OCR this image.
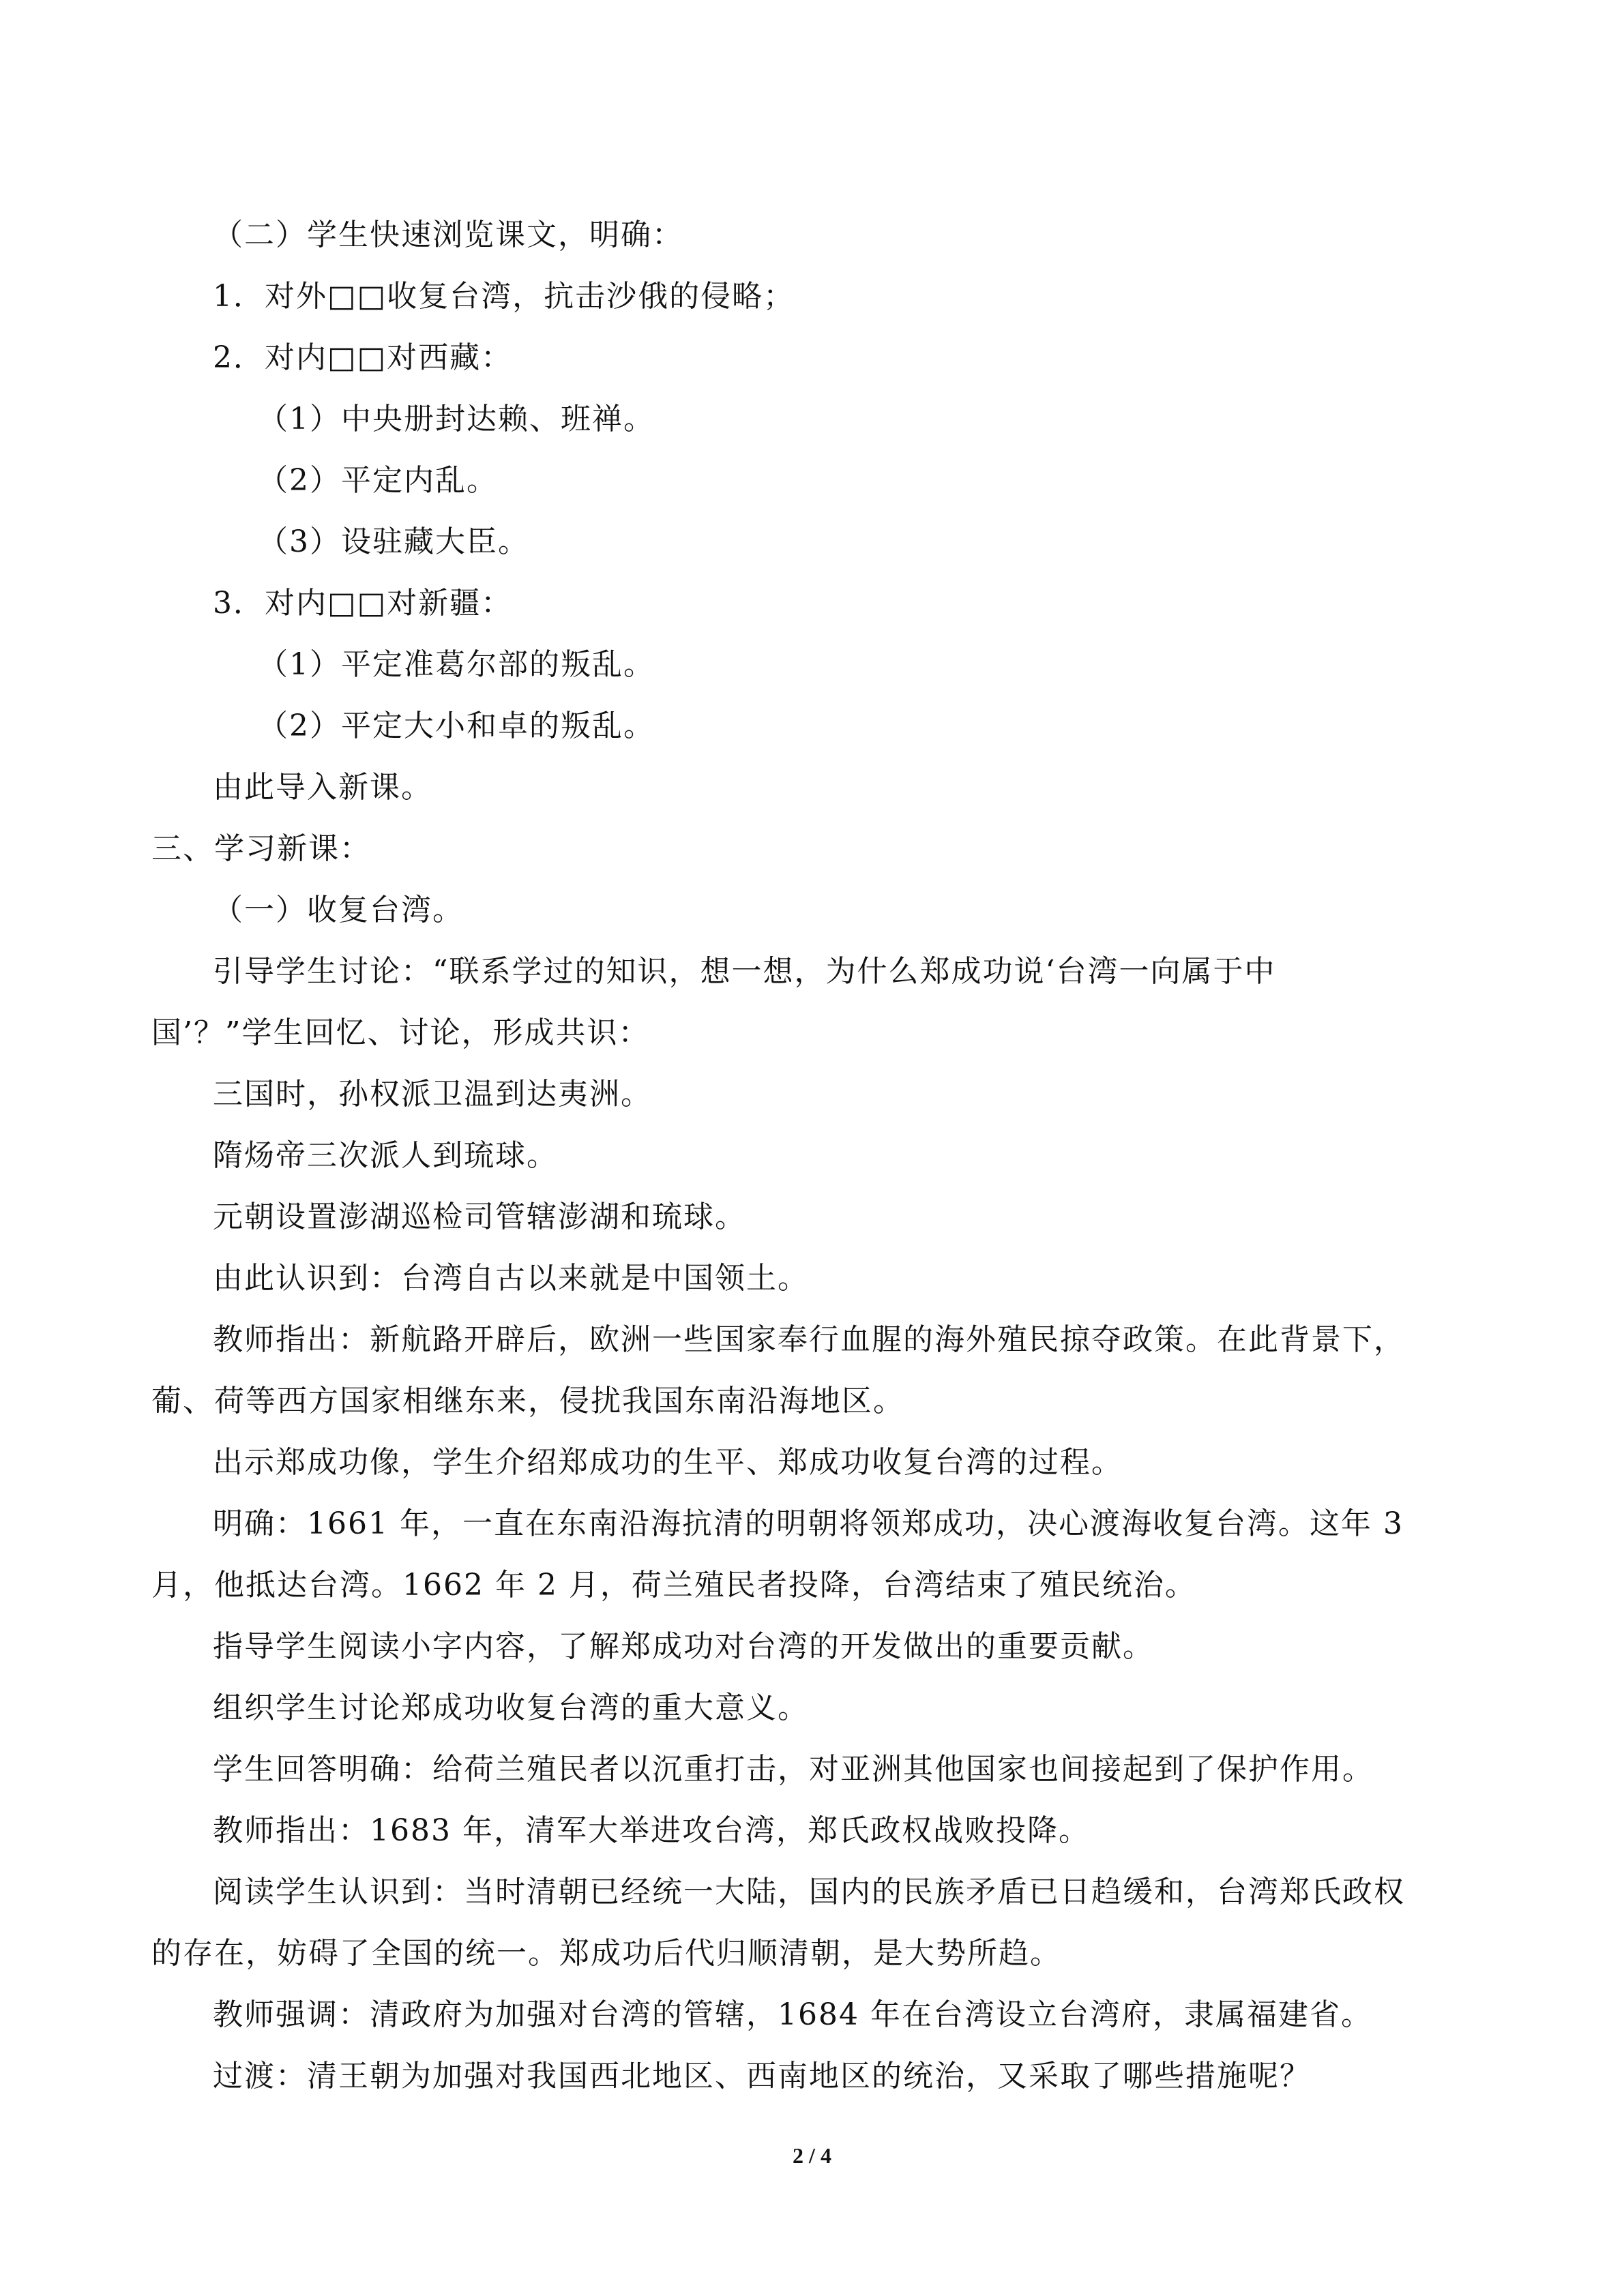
（二）学生快速浏览课文，明确：
1．对外□□收复台湾，抗击沙俄的侵略；
2．对内□□对西藏：
（1）中央册封达赖、班禅。
（2）平定内乱。
（3）设驻藏大臣。
3．对内□□对新疆：
（1）平定准葛尔部的叛乱。
（2）平定大小和卓的叛乱。
由此导入新课。
三、学习新课：
（一）收复台湾。
引导学生讨论：“联系学过的知识，想一想，为什么郑成功说‘台湾一向属于中
国’？”学生回忆、讨论，形成共识：
三国时，孙权派卫温到达夷洲。
隋炀帝三次派人到琉球。
元朝设置澎湖巡检司管辖澎湖和琉球。
由此认识到：台湾自古以来就是中国领土。
教师指出：新航路开辟后，欧洲一些国家奉行血腥的海外殖民掠夺政策。在此背景下，
葡、荷等西方国家相继东来，侵扰我国东南沿海地区。
出示郑成功像，学生介绍郑成功的生平、郑成功收复台湾的过程。
明确：1661 年，一直在东南沿海抗清的明朝将领郑成功，决心渡海收复台湾。这年 3
月，他抵达台湾。1662 年 2 月，荷兰殖民者投降，台湾结束了殖民统治。
指导学生阅读小字内容，了解郑成功对台湾的开发做出的重要贡献。
组织学生讨论郑成功收复台湾的重大意义。
学生回答明确：给荷兰殖民者以沉重打击，对亚洲其他国家也间接起到了保护作用。
教师指出：1683 年，清军大举进攻台湾，郑氏政权战败投降。
阅读学生认识到：当时清朝已经统一大陆，国内的民族矛盾已日趋缓和，台湾郑氏政权
的存在，妨碍了全国的统一。郑成功后代归顺清朝，是大势所趋。
教师强调：清政府为加强对台湾的管辖，1684 年在台湾设立台湾府，隶属福建省。
过渡：清王朝为加强对我国西北地区、西南地区的统治，又采取了哪些措施呢？
2 / 4
